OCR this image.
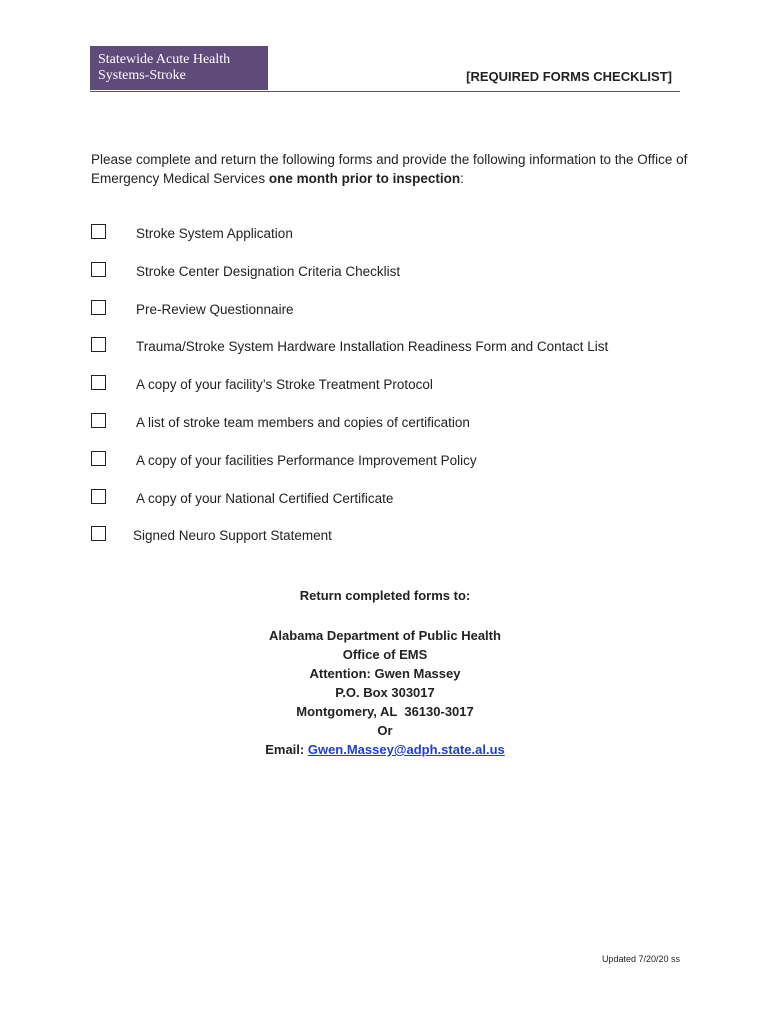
Statewide Acute Health
Systems-Stroke	[REQUIRED FORMS CHECKLIST]
Please complete and return the following forms and provide the following information to the Office of Emergency Medical Services one month prior to inspection:
Stroke System Application
Stroke Center Designation Criteria Checklist
Pre-Review Questionnaire
Trauma/Stroke System Hardware Installation Readiness Form and Contact List
A copy of your facility’s Stroke Treatment Protocol
A list of stroke team members and copies of certification
A copy of your facilities Performance Improvement Policy
A copy of your National Certified Certificate
Signed Neuro Support Statement
Return completed forms to:
Alabama Department of Public Health
Office of EMS
Attention: Gwen Massey
P.O. Box 303017
Montgomery, AL  36130-3017
Or
Email: Gwen.Massey@adph.state.al.us
Updated 7/20/20 ss
